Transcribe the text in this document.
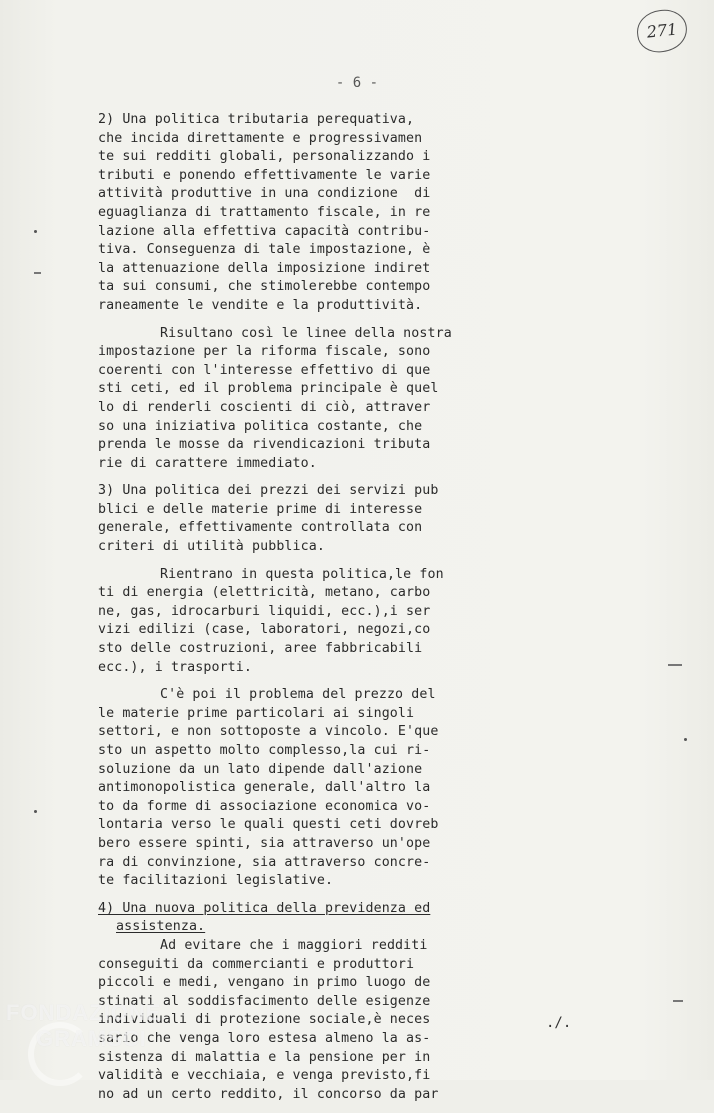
271
- 6 -
2) Una politica tributaria perequativa,
che incida direttamente e progressivamen
te sui redditi globali, personalizzando i
tributi e ponendo effettivamente le varie
attività produttive in una condizione  di
eguaglianza di trattamento fiscale, in re
lazione alla effettiva capacità contribu-
tiva. Conseguenza di tale impostazione, è
la attenuazione della imposizione indiret
ta sui consumi, che stimolerebbe contempo
raneamente le vendite e la produttività.
Risultano così le linee della nostra
impostazione per la riforma fiscale, sono
coerenti con l'interesse effettivo di que
sti ceti, ed il problema principale è quel
lo di renderli coscienti di ciò, attraver
so una iniziativa politica costante, che
prenda le mosse da rivendicazioni tributa
rie di carattere immediato.
3) Una politica dei prezzi dei servizi pub
blici e delle materie prime di interesse
generale, effettivamente controllata con
criteri di utilità pubblica.
Rientrano in questa politica,le fon
ti di energia (elettricità, metano, carbo
ne, gas, idrocarburi liquidi, ecc.),i ser
vizi edilizi (case, laboratori, negozi,co
sto delle costruzioni, aree fabbricabili
ecc.), i trasporti.
C'è poi il problema del prezzo del
le materie prime particolari ai singoli
settori, e non sottoposte a vincolo. E'que
sto un aspetto molto complesso,la cui ri-
soluzione da un lato dipende dall'azione
antimonopolistica generale, dall'altro la
to da forme di associazione economica vo-
lontaria verso le quali questi ceti dovreb
bero essere spinti, sia attraverso un'ope
ra di convinzione, sia attraverso concre-
te facilitazioni legislative.
4) Una nuova politica della previdenza ed
assistenza.
Ad evitare che i maggiori redditi
conseguiti da commercianti e produttori
piccoli e medi, vengano in primo luogo de
stinati al soddisfacimento delle esigenze
individuali di protezione sociale,è neces
sario che venga loro estesa almeno la as-
sistenza di malattia e la pensione per in
validità e vecchiaia, e venga previsto,fi
no ad un certo reddito, il concorso da par
./.
FONDAZIONE
GRAMSCI
